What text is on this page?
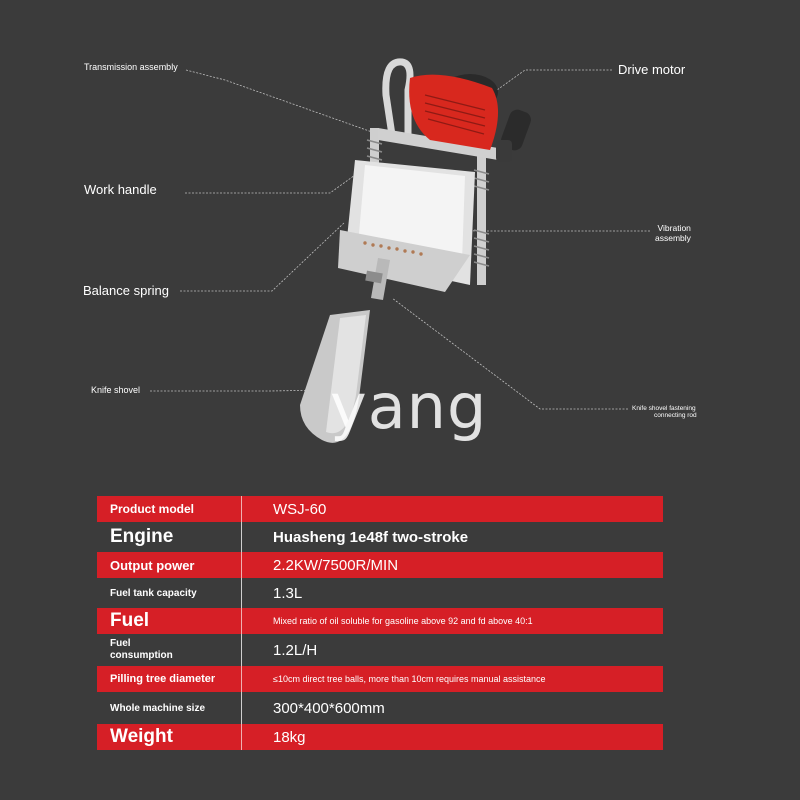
Transmission assembly	Drive motor
Work handle
Vibration
assembly
Balance spring
Knife shovel
Knife shovel fastening
connecting rod
yang
Product model	WSJ-60
Engine	Huasheng 1e48f two-stroke
Output power	2.2KW/7500R/MIN
Fuel tank capacity	1.3L
Fuel	Mixed ratio of oil soluble for gasoline above 92 and fd above 40:1
Fuel
consumption	1.2L/H
Pilling tree diameter	≤10cm direct tree balls, more than 10cm requires manual assistance
Whole machine size	300*400*600mm
Weight	18kg
